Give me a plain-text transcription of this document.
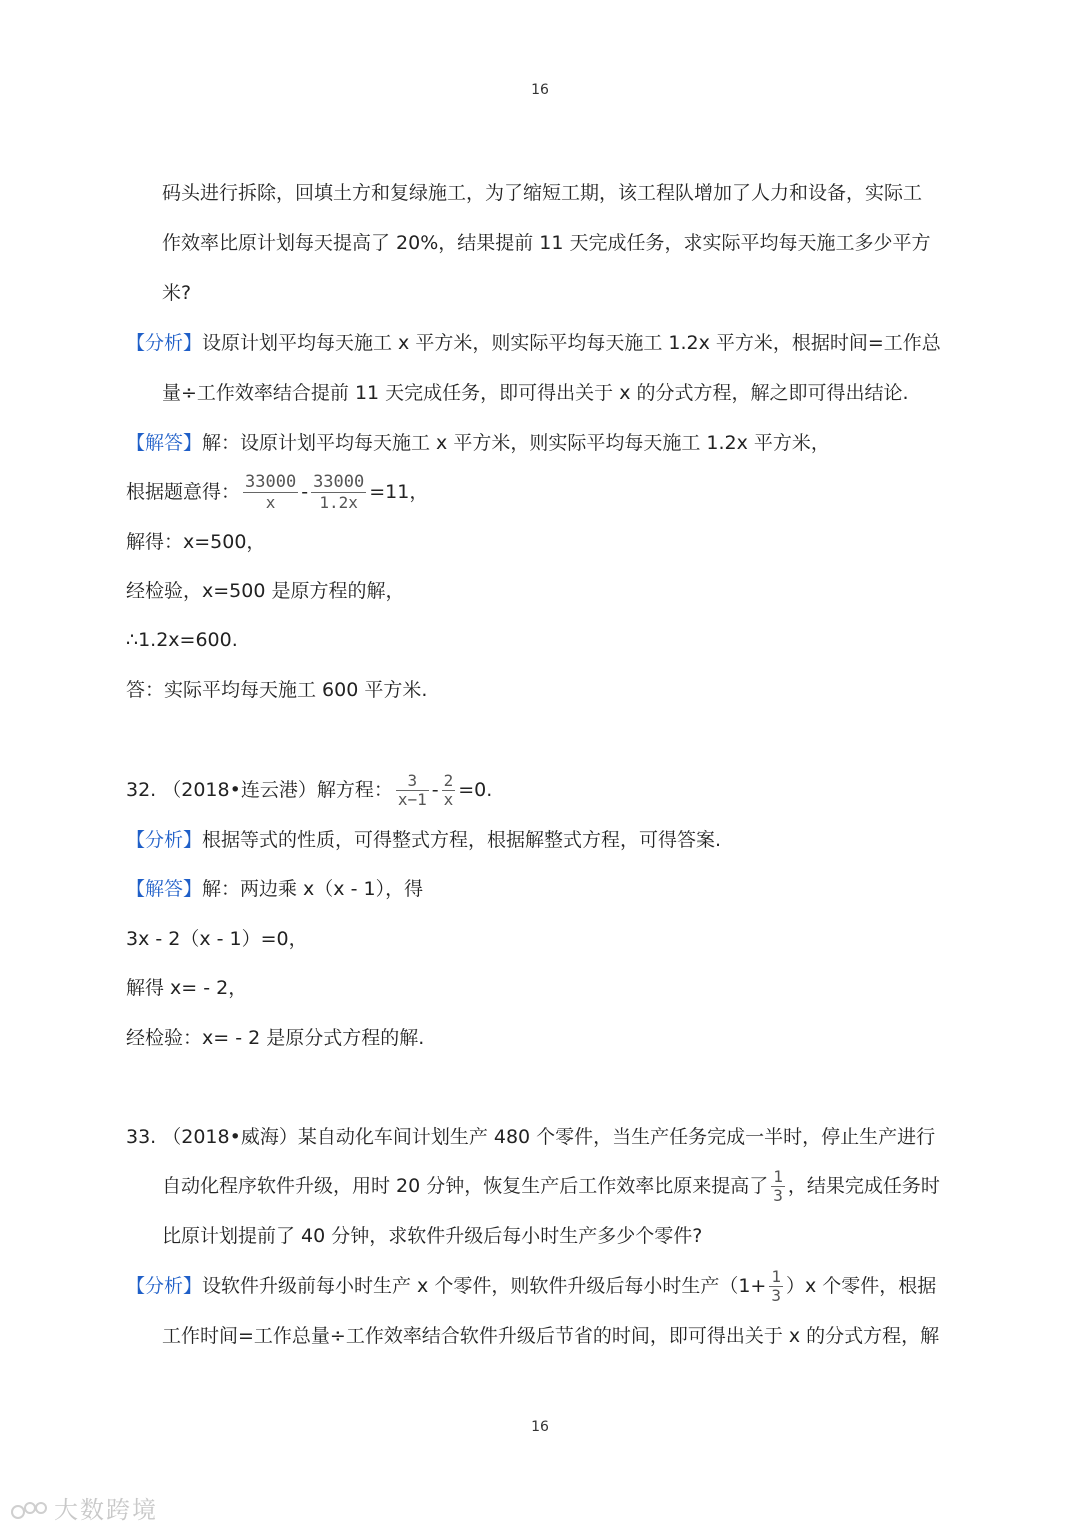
16
码头进行拆除，回填土方和复绿施工，为了缩短工期，该工程队增加了人力和设备，实际工
作效率比原计划每天提高了 20%，结果提前 11 天完成任务，求实际平均每天施工多少平方
米?
【分析】设原计划平均每天施工 x 平方米，则实际平均每天施工 1.2x 平方米，根据时间=工作总
量÷工作效率结合提前 11 天完成任务，即可得出关于 x 的分式方程，解之即可得出结论.
【解答】解：设原计划平均每天施工 x 平方米，则实际平均每天施工 1.2x 平方米，
根据题意得： $\frac{33000}{x} - \frac{33000}{1.2x} =11$，
解得：x=500，
经检验，x=500 是原方程的解，
∴1.2x=600.
答：实际平均每天施工 600 平方米.
32. （2018•连云港）解方程： $\frac{3}{x-1} - \frac{2}{x} =0$.
【分析】根据等式的性质，可得整式方程，根据解整式方程，可得答案.
【解答】解：两边乘 x（x - 1），得
3x - 2（x - 1）=0，
解得 x= - 2，
经检验：x= - 2 是原分式方程的解.
33. （2018•威海）某自动化车间计划生产 480 个零件，当生产任务完成一半时，停止生产进行
自动化程序软件升级，用时 20 分钟，恢复生产后工作效率比原来提高了 $\frac{1}{3}$ ，结果完成任务时
比原计划提前了 40 分钟，求软件升级后每小时生产多少个零件?
【分析】设软件升级前每小时生产 x 个零件，则软件升级后每小时生产$(1+ \frac{1}{3} )x$ 个零件，根据
工作时间=工作总量÷工作效率结合软件升级后节省的时间，即可得出关于 x 的分式方程，解
16
大数跨境
